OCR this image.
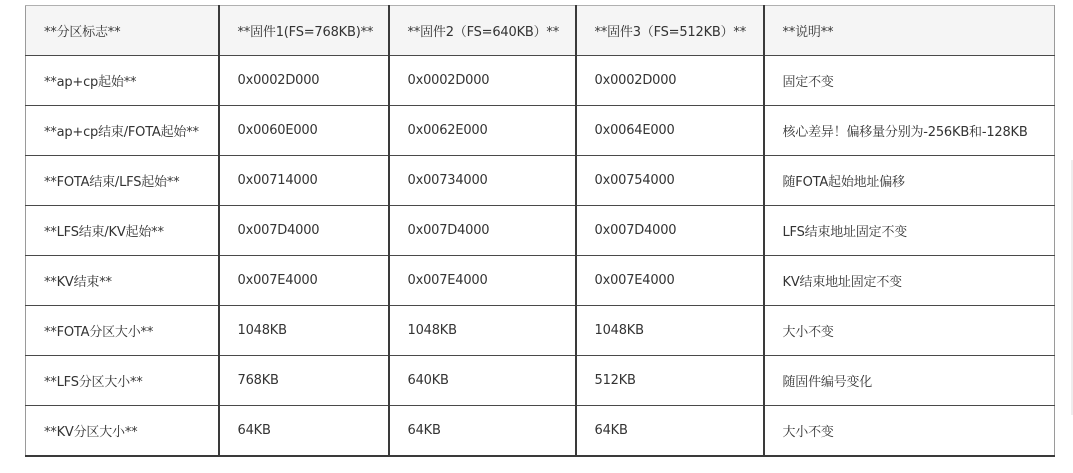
**分区标志**	**固件1(FS=768KB)**	**固件2（FS=640KB）**	**固件3（FS=512KB）**	**说明**
**ap+cp起始**	0x0002D000	0x0002D000	0x0002D000	固定不变
**ap+cp结束/FOTA起始**	0x0060E000	0x0062E000	0x0064E000	核心差异！偏移量分别为-256KB和-128KB
**FOTA结束/LFS起始**	0x00714000	0x00734000	0x00754000	随FOTA起始地址偏移
**LFS结束/KV起始**	0x007D4000	0x007D4000	0x007D4000	LFS结束地址固定不变
**KV结束**	0x007E4000	0x007E4000	0x007E4000	KV结束地址固定不变
**FOTA分区大小**	1048KB	1048KB	1048KB	大小不变
**LFS分区大小**	768KB	640KB	512KB	随固件编号变化
**KV分区大小**	64KB	64KB	64KB	大小不变
